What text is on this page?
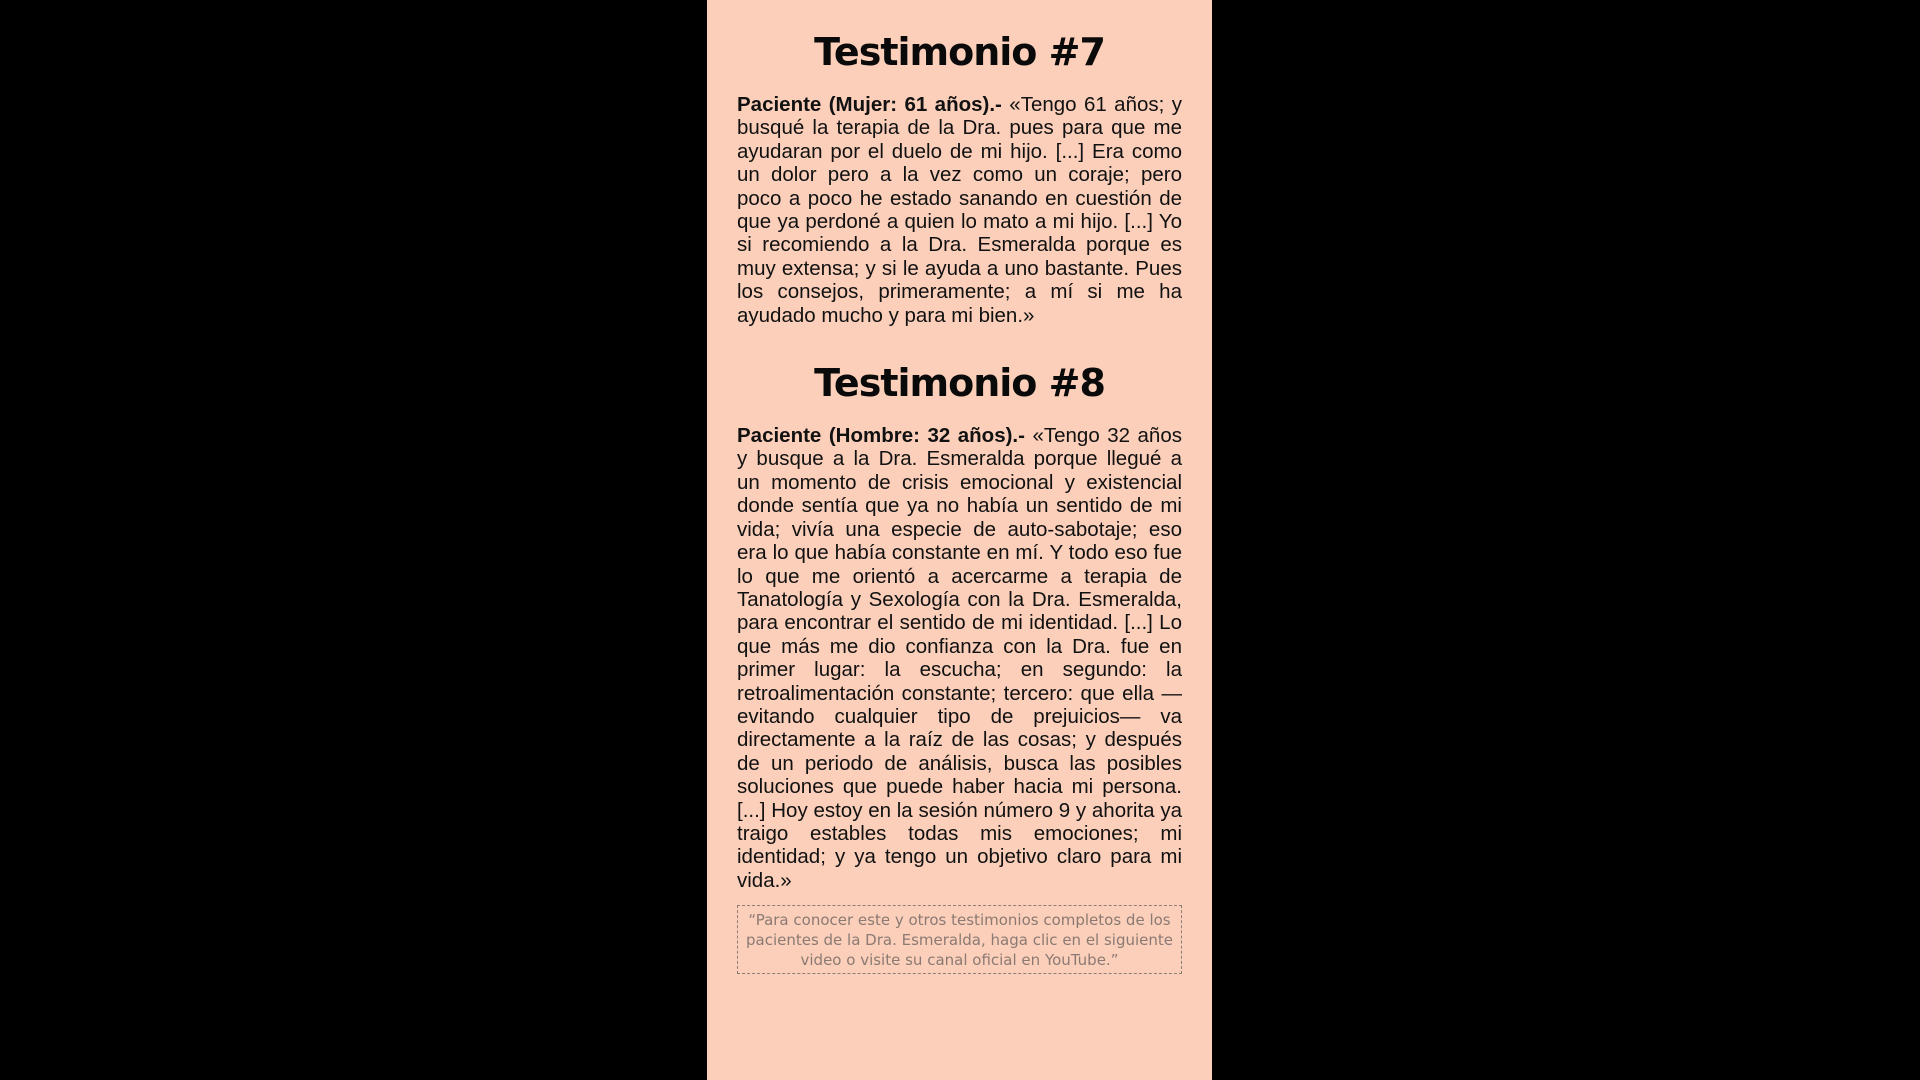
Testimonio #7

Paciente (Mujer: 61 años).- «Tengo 61 años; y busqué la terapia de la Dra. pues para que me ayudaran por el duelo de mi hijo. [...] Era como un dolor pero a la vez como un coraje; pero poco a poco he estado sanando en cuestión de que ya perdoné a quien lo mato a mi hijo. [...] Yo si recomiendo a la Dra. Esmeralda porque es muy extensa; y si le ayuda a uno bastante. Pues los consejos, primeramente; a mí si me ha ayudado mucho y para mi bien.»

Testimonio #8

Paciente (Hombre: 32 años).- «Tengo 32 años y busque a la Dra. Esmeralda porque llegué a un momento de crisis emocional y existencial donde sentía que ya no había un sentido de mi vida; vivía una especie de auto-sabotaje; eso era lo que había constante en mí. Y todo eso fue lo que me orientó a acercarme a terapia de Tanatología y Sexología con la Dra. Esmeralda, para encontrar el sentido de mi identidad. [...] Lo que más me dio confianza con la Dra. fue en primer lugar: la escucha; en segundo: la retroalimentación constante; tercero: que ella —evitando cualquier tipo de prejuicios— va directamente a la raíz de las cosas; y después de un periodo de análisis, busca las posibles soluciones que puede haber hacia mi persona. [...] Hoy estoy en la sesión número 9 y ahorita ya traigo estables todas mis emociones; mi identidad; y ya tengo un objetivo claro para mi vida.»

“Para conocer este y otros testimonios completos de los pacientes de la Dra. Esmeralda, haga clic en el siguiente video o visite su canal oficial en YouTube.”
